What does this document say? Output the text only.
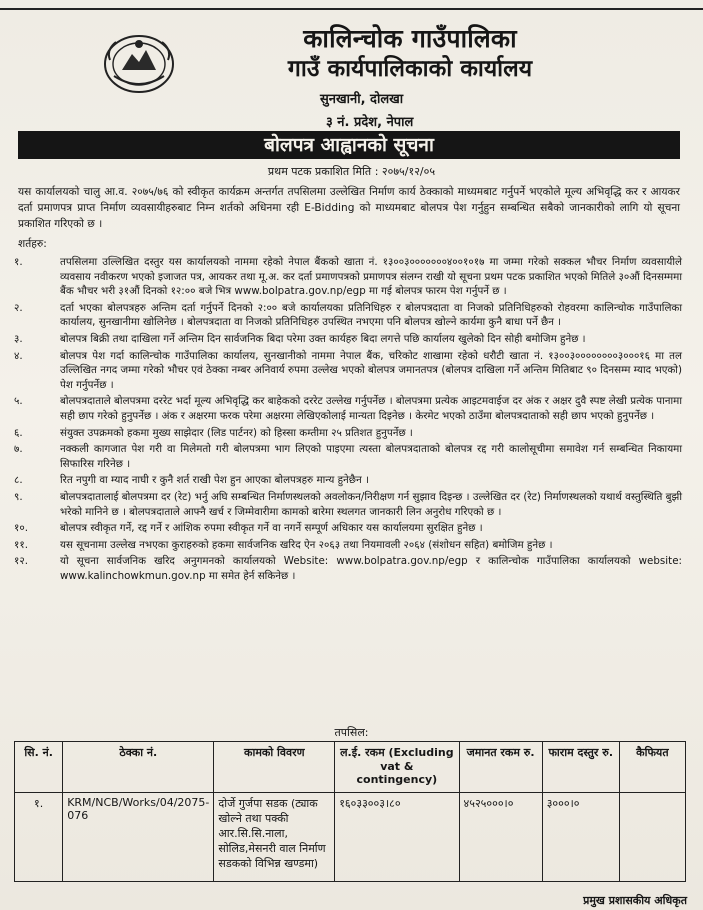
कालिन्चोक गाउँपालिका
गाउँ कार्यपालिकाको कार्यालय
सुनखानी, दोलखा
३ नं. प्रदेश, नेपाल
बोलपत्र आह्वानको सूचना
प्रथम पटक प्रकाशित मिति : २०७५/१२/०५
यस कार्यालयको चालु आ.व. २०७५/७६ को स्वीकृत कार्यक्रम अन्तर्गत तपसिलमा उल्लेखित निर्माण कार्य ठेक्काको माध्यमबाट गर्नुपर्ने भएकोले मूल्य अभिवृद्धि कर र आयकर दर्ता प्रमाणपत्र प्राप्त निर्माण व्यवसायीहरुबाट निम्न शर्तको अधिनमा रही E-Bidding को माध्यमबाट बोलपत्र पेश गर्नुहुन सम्बन्धित सबैको जानकारीको लागि यो सूचना प्रकाशित गरिएको छ ।
शर्तहरु:
१.	तपसिलमा उल्लिखित दस्तुर यस कार्यालयको नाममा रहेको नेपाल बैंकको खाता नं. १३००३०००००००४००१०१७ मा जम्मा गरेको सक्कल भौचर निर्माण व्यवसायीले व्यवसाय नवीकरण भएको इजाजत पत्र, आयकर तथा मू.अ. कर दर्ता प्रमाणपत्रको प्रमाणपत्र संलग्न राखी यो सूचना प्रथम पटक प्रकाशित भएको मितिले ३०औं दिनसम्ममा बैंक भौचर भरी ३१औं दिनको १२:०० बजे भित्र www.bolpatra.gov.np/egp मा गई बोलपत्र फारम पेश गर्नुपर्ने छ ।
२.	दर्ता भएका बोलपत्रहरु अन्तिम दर्ता गर्नुपर्ने दिनको २:०० बजे कार्यालयका प्रतिनिधिहरु र बोलपत्रदाता वा निजको प्रतिनिधिहरुको रोहवरमा कालिन्चोक गाउँपालिका कार्यालय, सुनखानीमा खोलिनेछ । बोलपत्रदाता वा निजको प्रतिनिधिहरु उपस्थित नभएमा पनि बोलपत्र खोल्ने कार्यमा कुनै बाधा पर्ने छैन ।
३.	बोलपत्र बिक्री तथा दाखिला गर्ने अन्तिम दिन सार्वजनिक बिदा परेमा उक्त कार्यहरु बिदा लगत्ते पछि कार्यालय खुलेको दिन सोही बमोजिम हुनेछ ।
४.	बोलपत्र पेश गर्दा कालिन्चोक गाउँपालिका कार्यालय, सुनखानीको नाममा नेपाल बैंक, चरिकोट शाखामा रहेको धरौटी खाता नं. १३००३००००००००३०००१६ मा तल उल्लिखित नगद जम्मा गरेको भौचर एवं ठेक्का नम्बर अनिवार्य रुपमा उल्लेख भएको बोलपत्र जमानतपत्र (बोलपत्र दाखिला गर्ने अन्तिम मितिबाट ९० दिनसम्म म्याद भएको) पेश गर्नुपर्नेछ ।
५.	बोलपत्रदाताले बोलपत्रमा दररेट भर्दा मूल्य अभिवृद्धि कर बाहेकको दररेट उल्लेख गर्नुपर्नेछ । बोलपत्रमा प्रत्येक आइटमवाईज दर अंक र अक्षर दुवै स्पष्ट लेखी प्रत्येक पानामा सही छाप गरेको हुनुपर्नेछ । अंक र अक्षरमा फरक परेमा अक्षरमा लेखिएकोलाई मान्यता दिइनेछ । केरमेट भएको ठाउँमा बोलपत्रदाताको सही छाप भएको हुनुपर्नेछ ।
६.	संयुक्त उपक्रमको हकमा मुख्य साझेदार (लिड पार्टनर) को हिस्सा कम्तीमा २५ प्रतिशत हुनुपर्नेछ ।
७.	नक्कली कागजात पेश गरी वा मिलेमतो गरी बोलपत्रमा भाग लिएको पाइएमा त्यस्ता बोलपत्रदाताको बोलपत्र रद्द गरी कालोसूचीमा समावेश गर्न सम्बन्धित निकायमा सिफारिस गरिनेछ ।
८.	रित नपुगी वा म्याद नाघी र कुनै शर्त राखी पेश हुन आएका बोलपत्रहरु मान्य हुनेछैन ।
९.	बोलपत्रदातालाई बोलपत्रमा दर (रेट) भर्नु अघि सम्बन्धित निर्माणस्थलको अवलोकन/निरीक्षण गर्न सुझाव दिइन्छ । उल्लेखित दर (रेट) निर्माणस्थलको यथार्थ वस्तुस्थिति बुझी भरेको मानिने छ । बोलपत्रदाताले आफ्नै खर्च र जिम्मेवारीमा कामको बारेमा स्थलगत जानकारी लिन अनुरोध गरिएको छ ।
१०.	बोलपत्र स्वीकृत गर्ने, रद्द गर्ने र आंशिक रुपमा स्वीकृत गर्ने वा नगर्ने सम्पूर्ण अधिकार यस कार्यालयमा सुरक्षित हुनेछ ।
११.	यस सूचनामा उल्लेख नभएका कुराहरुको हकमा सार्वजनिक खरिद ऐन २०६३ तथा नियमावली २०६४ (संशोधन सहित) बमोजिम हुनेछ ।
१२.	यो सूचना सार्वजनिक खरिद अनुगमनको कार्यालयको Website: www.bolpatra.gov.np/egp र कालिन्चोक गाउँपालिका कार्यालयको website: www.kalinchowkmun.gov.np मा समेत हेर्न सकिनेछ ।
तपसिल:
सि. नं.	ठेक्का नं.	कामको विवरण	ल.ई. रकम (Excluding vat & contingency)	जमानत रकम रु.	फाराम दस्तुर रु.	कैफियत
१.	KRM/NCB/Works/04/2075-076	दोर्जे गुर्जपा सडक (ट्याक खोल्ने तथा पक्की आर.सि.सि.नाला, सोलिड,मेसनरी वाल निर्माण सडकको विभिन्न खण्डमा)	१६०३३००३।८०	४५२५०००।०	३०००।०	
प्रमुख प्रशासकीय अधिकृत
